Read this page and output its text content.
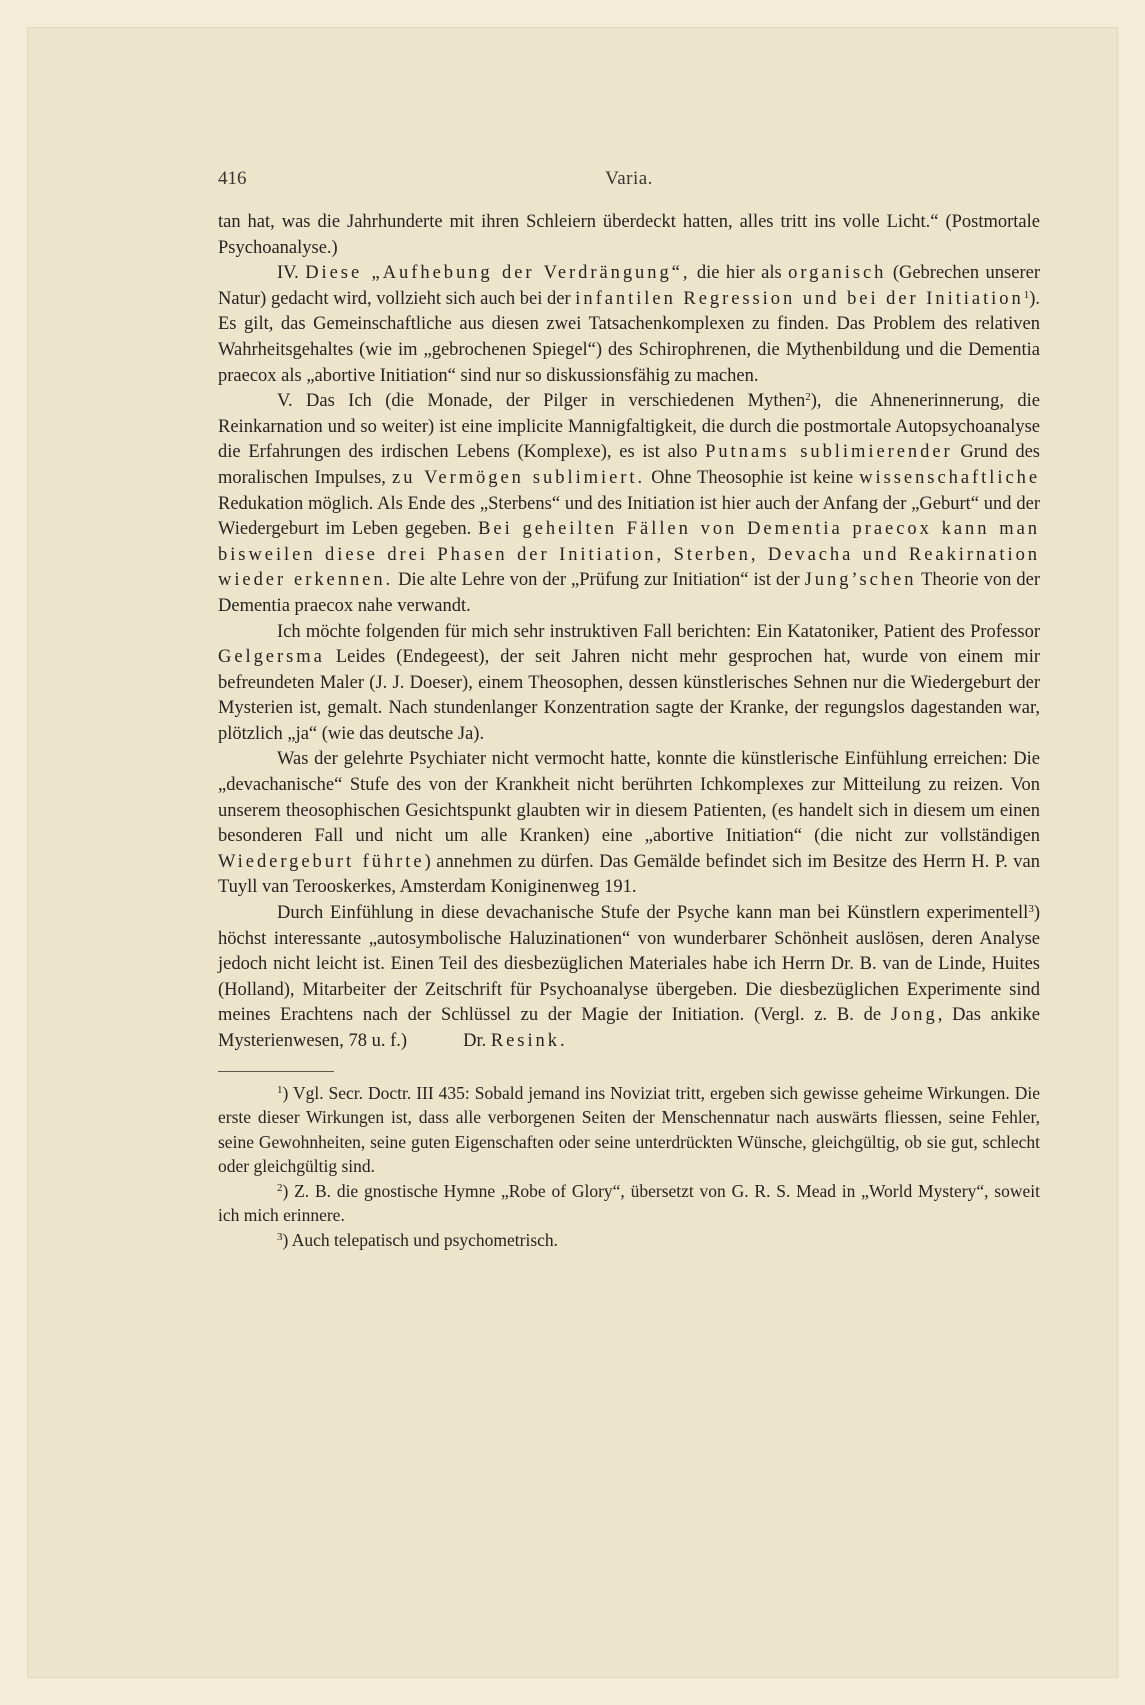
416	Varia.

tan hat, was die Jahrhunderte mit ihren Schleiern überdeckt hatten, alles tritt ins volle Licht.“ (Postmortale Psychoanalyse.)

IV. Diese „Aufhebung der Verdrängung“, die hier als organisch (Gebrechen unserer Natur) gedacht wird, vollzieht sich auch bei der infantilen Regression und bei der Initiation$^1$). Es gilt, das Gemeinschaftliche aus diesen zwei Tatsachenkomplexen zu finden. Das Problem des relativen Wahrheitsgehaltes (wie im „gebrochenen Spiegel“) des Schirophrenen, die Mythenbildung und die Dementia praecox als „abortive Initiation“ sind nur so diskussionsfähig zu machen.

V. Das Ich (die Monade, der Pilger in verschiedenen Mythen$^2$), die Ahnenerinnerung, die Reinkarnation und so weiter) ist eine implicite Mannigfaltigkeit, die durch die postmortale Autopsychoanalyse die Erfahrungen des irdischen Lebens (Komplexe), es ist also Putnams sublimierender Grund des moralischen Impulses, zu Vermögen sublimiert. Ohne Theosophie ist keine wissenschaftliche Redukation möglich. Als Ende des „Sterbens“ und des Initiation ist hier auch der Anfang der „Geburt“ und der Wiedergeburt im Leben gegeben. Bei geheilten Fällen von Dementia praecox kann man bisweilen diese drei Phasen der Initiation, Sterben, Devacha und Reakirnation wieder erkennen. Die alte Lehre von der „Prüfung zur Initiation“ ist der Jung’schen Theorie von der Dementia praecox nahe verwandt.

Ich möchte folgenden für mich sehr instruktiven Fall berichten: Ein Katatoniker, Patient des Professor Gelgersma Leides (Endegeest), der seit Jahren nicht mehr gesprochen hat, wurde von einem mir befreundeten Maler (J. J. Doeser), einem Theosophen, dessen künstlerisches Sehnen nur die Wiedergeburt der Mysterien ist, gemalt. Nach stundenlanger Konzentration sagte der Kranke, der regungslos dagestanden war, plötzlich „ja“ (wie das deutsche Ja).

Was der gelehrte Psychiater nicht vermocht hatte, konnte die künstlerische Einfühlung erreichen: Die „devachanische“ Stufe des von der Krankheit nicht berührten Ichkomplexes zur Mitteilung zu reizen. Von unserem theosophischen Gesichtspunkt glaubten wir in diesem Patienten, (es handelt sich in diesem um einen besonderen Fall und nicht um alle Kranken) eine „abortive Initiation“ (die nicht zur vollständigen Wiedergeburt führte) annehmen zu dürfen. Das Gemälde befindet sich im Besitze des Herrn H. P. van Tuyll van Terooskerkes, Amsterdam Koniginenweg 191.

Durch Einfühlung in diese devachanische Stufe der Psyche kann man bei Künstlern experimentell$^3$) höchst interessante „autosymbolische Haluzinationen“ von wunderbarer Schönheit auslösen, deren Analyse jedoch nicht leicht ist. Einen Teil des diesbezüglichen Materiales habe ich Herrn Dr. B. van de Linde, Huites (Holland), Mitarbeiter der Zeitschrift für Psychoanalyse übergeben. Die diesbezüglichen Experimente sind meines Erachtens nach der Schlüssel zu der Magie der Initiation. (Vergl. z. B. de Jong, Das ankike Mysterienwesen, 78 u. f.)	Dr. Resink.

$^1$) Vgl. Secr. Doctr. III 435: Sobald jemand ins Noviziat tritt, ergeben sich gewisse geheime Wirkungen. Die erste dieser Wirkungen ist, dass alle verborgenen Seiten der Menschennatur nach auswärts fliessen, seine Fehler, seine Gewohnheiten, seine guten Eigenschaften oder seine unterdrückten Wünsche, gleichgültig, ob sie gut, schlecht oder gleichgültig sind.

$^2$) Z. B. die gnostische Hymne „Robe of Glory“, übersetzt von G. R. S. Mead in „World Mystery“, soweit ich mich erinnere.

$^3$) Auch telepatisch und psychometrisch.
